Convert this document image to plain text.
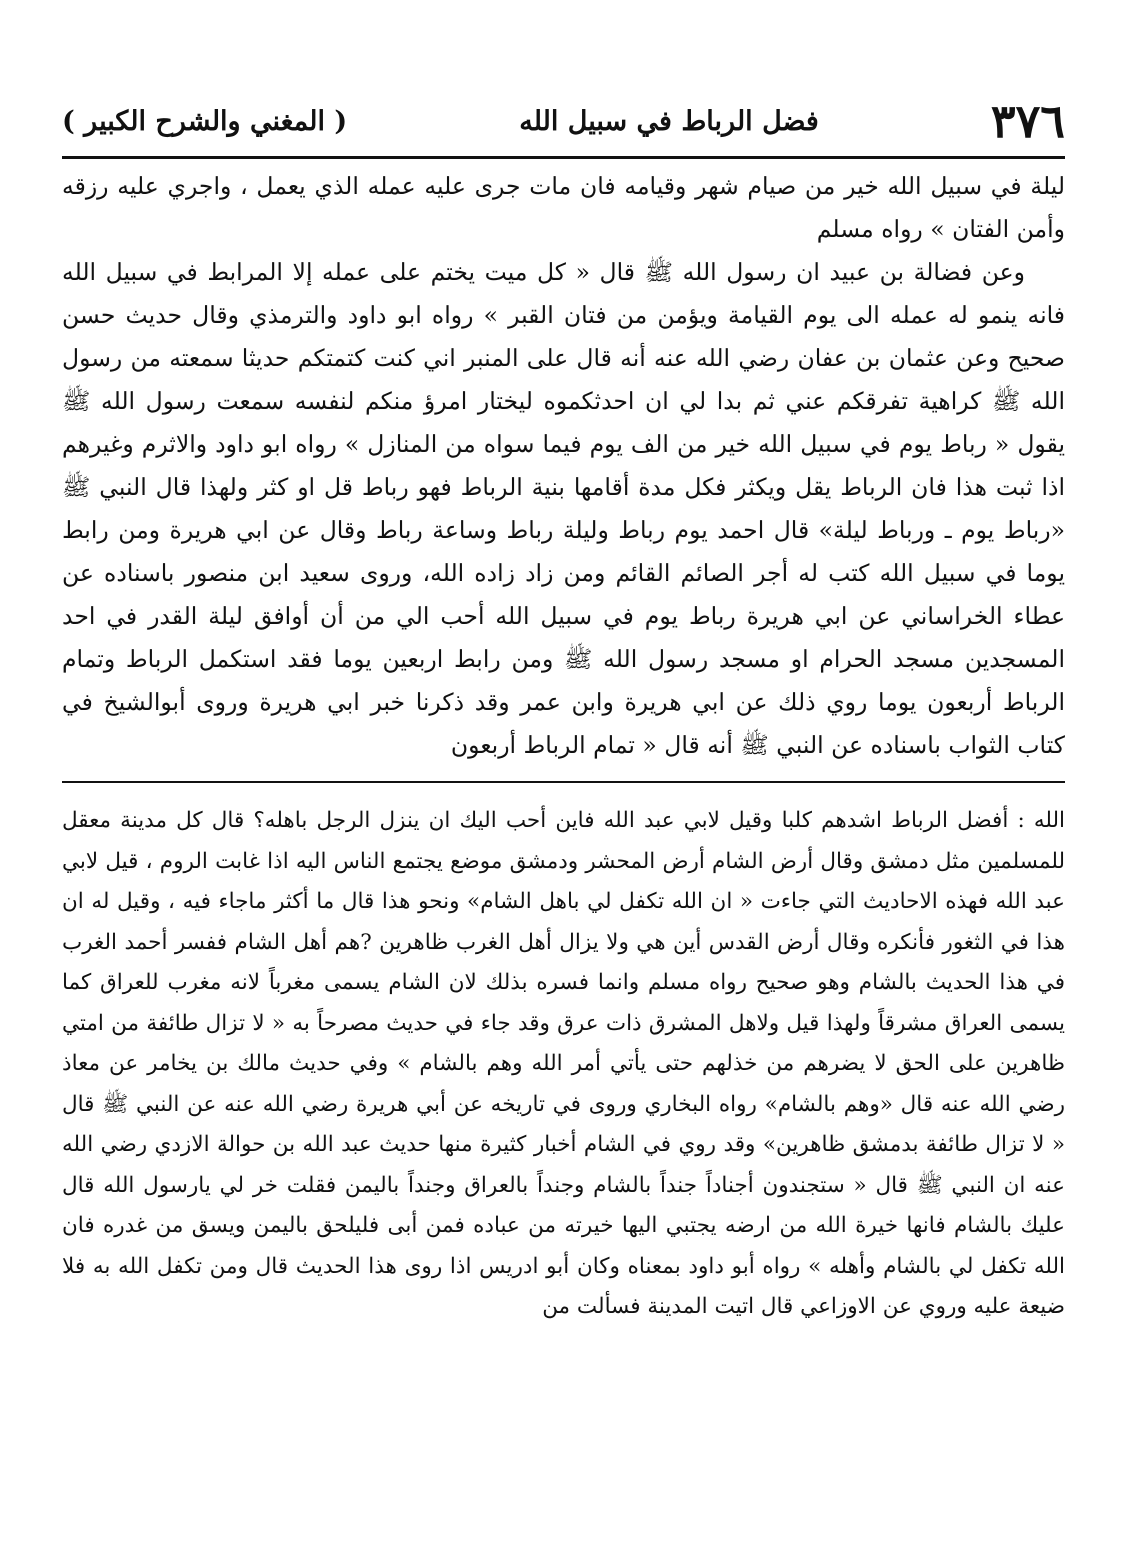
٣٧٦
فضل الرباط في سبيل الله
( المغني والشرح الكبير )

ليلة في سبيل الله خير من صيام شهر وقيامه فان مات جرى عليه عمله الذي يعمل ، واجري عليه رزقه وأمن الفتان » رواه مسلم

وعن فضالة بن عبيد ان رسول الله ﷺ قال « كل ميت يختم على عمله إلا المرابط في سبيل الله فانه ينمو له عمله الى يوم القيامة ويؤمن من فتان القبر » رواه ابو داود والترمذي وقال حديث حسن صحيح وعن عثمان بن عفان رضي الله عنه أنه قال على المنبر اني كنت كتمتكم حديثا سمعته من رسول الله ﷺ كراهية تفرقكم عني ثم بدا لي ان احدثكموه ليختار امرؤ منكم لنفسه سمعت رسول الله ﷺ يقول « رباط يوم في سبيل الله خير من الف يوم فيما سواه من المنازل » رواه ابو داود والاثرم وغيرهم اذا ثبت هذا فان الرباط يقل ويكثر فكل مدة أقامها بنية الرباط فهو رباط قل او كثر ولهذا قال النبي ﷺ «رباط يوم ـ ورباط ليلة» قال احمد يوم رباط وليلة رباط وساعة رباط وقال عن ابي هريرة ومن رابط يوما في سبيل الله كتب له أجر الصائم القائم ومن زاد زاده الله، وروى سعيد ابن منصور باسناده عن عطاء الخراساني عن ابي هريرة رباط يوم في سبيل الله أحب الي من أن أوافق ليلة القدر في احد المسجدين مسجد الحرام او مسجد رسول الله ﷺ ومن رابط اربعين يوما فقد استكمل الرباط وتمام الرباط أربعون يوما روي ذلك عن ابي هريرة وابن عمر وقد ذكرنا خبر ابي هريرة وروى أبوالشيخ في كتاب الثواب باسناده عن النبي ﷺ أنه قال « تمام الرباط أربعون

الله : أفضل الرباط اشدهم كلبا وقيل لابي عبد الله فاين أحب اليك ان ينزل الرجل باهله؟ قال كل مدينة معقل للمسلمين مثل دمشق وقال أرض الشام أرض المحشر ودمشق موضع يجتمع الناس اليه اذا غابت الروم ، قيل لابي عبد الله فهذه الاحاديث التي جاءت « ان الله تكفل لي باهل الشام» ونحو هذا قال ما أكثر ماجاء فيه ، وقيل له ان هذا في الثغور فأنكره وقال أرض القدس أين هي ولا يزال أهل الغرب ظاهرين ?هم أهل الشام ففسر أحمد الغرب في هذا الحديث بالشام وهو صحيح رواه مسلم وانما فسره بذلك لان الشام يسمى مغرباً لانه مغرب للعراق كما يسمى العراق مشرقاً ولهذا قيل ولاهل المشرق ذات عرق وقد جاء في حديث مصرحاً به « لا تزال طائفة من امتي ظاهرين على الحق لا يضرهم من خذلهم حتى يأتي أمر الله وهم بالشام » وفي حديث مالك بن يخامر عن معاذ رضي الله عنه قال «وهم بالشام» رواه البخاري وروى في تاريخه عن أبي هريرة رضي الله عنه عن النبي ﷺ قال « لا تزال طائفة بدمشق ظاهرين» وقد روي في الشام أخبار كثيرة منها حديث عبد الله بن حوالة الازدي رضي الله عنه ان النبي ﷺ قال « ستجندون أجناداً جنداً بالشام وجنداً بالعراق وجنداً باليمن فقلت خر لي يارسول الله قال عليك بالشام فانها خيرة الله من ارضه يجتبي اليها خيرته من عباده فمن أبى فليلحق باليمن ويسق من غدره فان الله تكفل لي بالشام وأهله » رواه أبو داود بمعناه وكان أبو ادريس اذا روى هذا الحديث قال ومن تكفل الله به فلا ضيعة عليه وروي عن الاوزاعي قال اتيت المدينة فسألت من
